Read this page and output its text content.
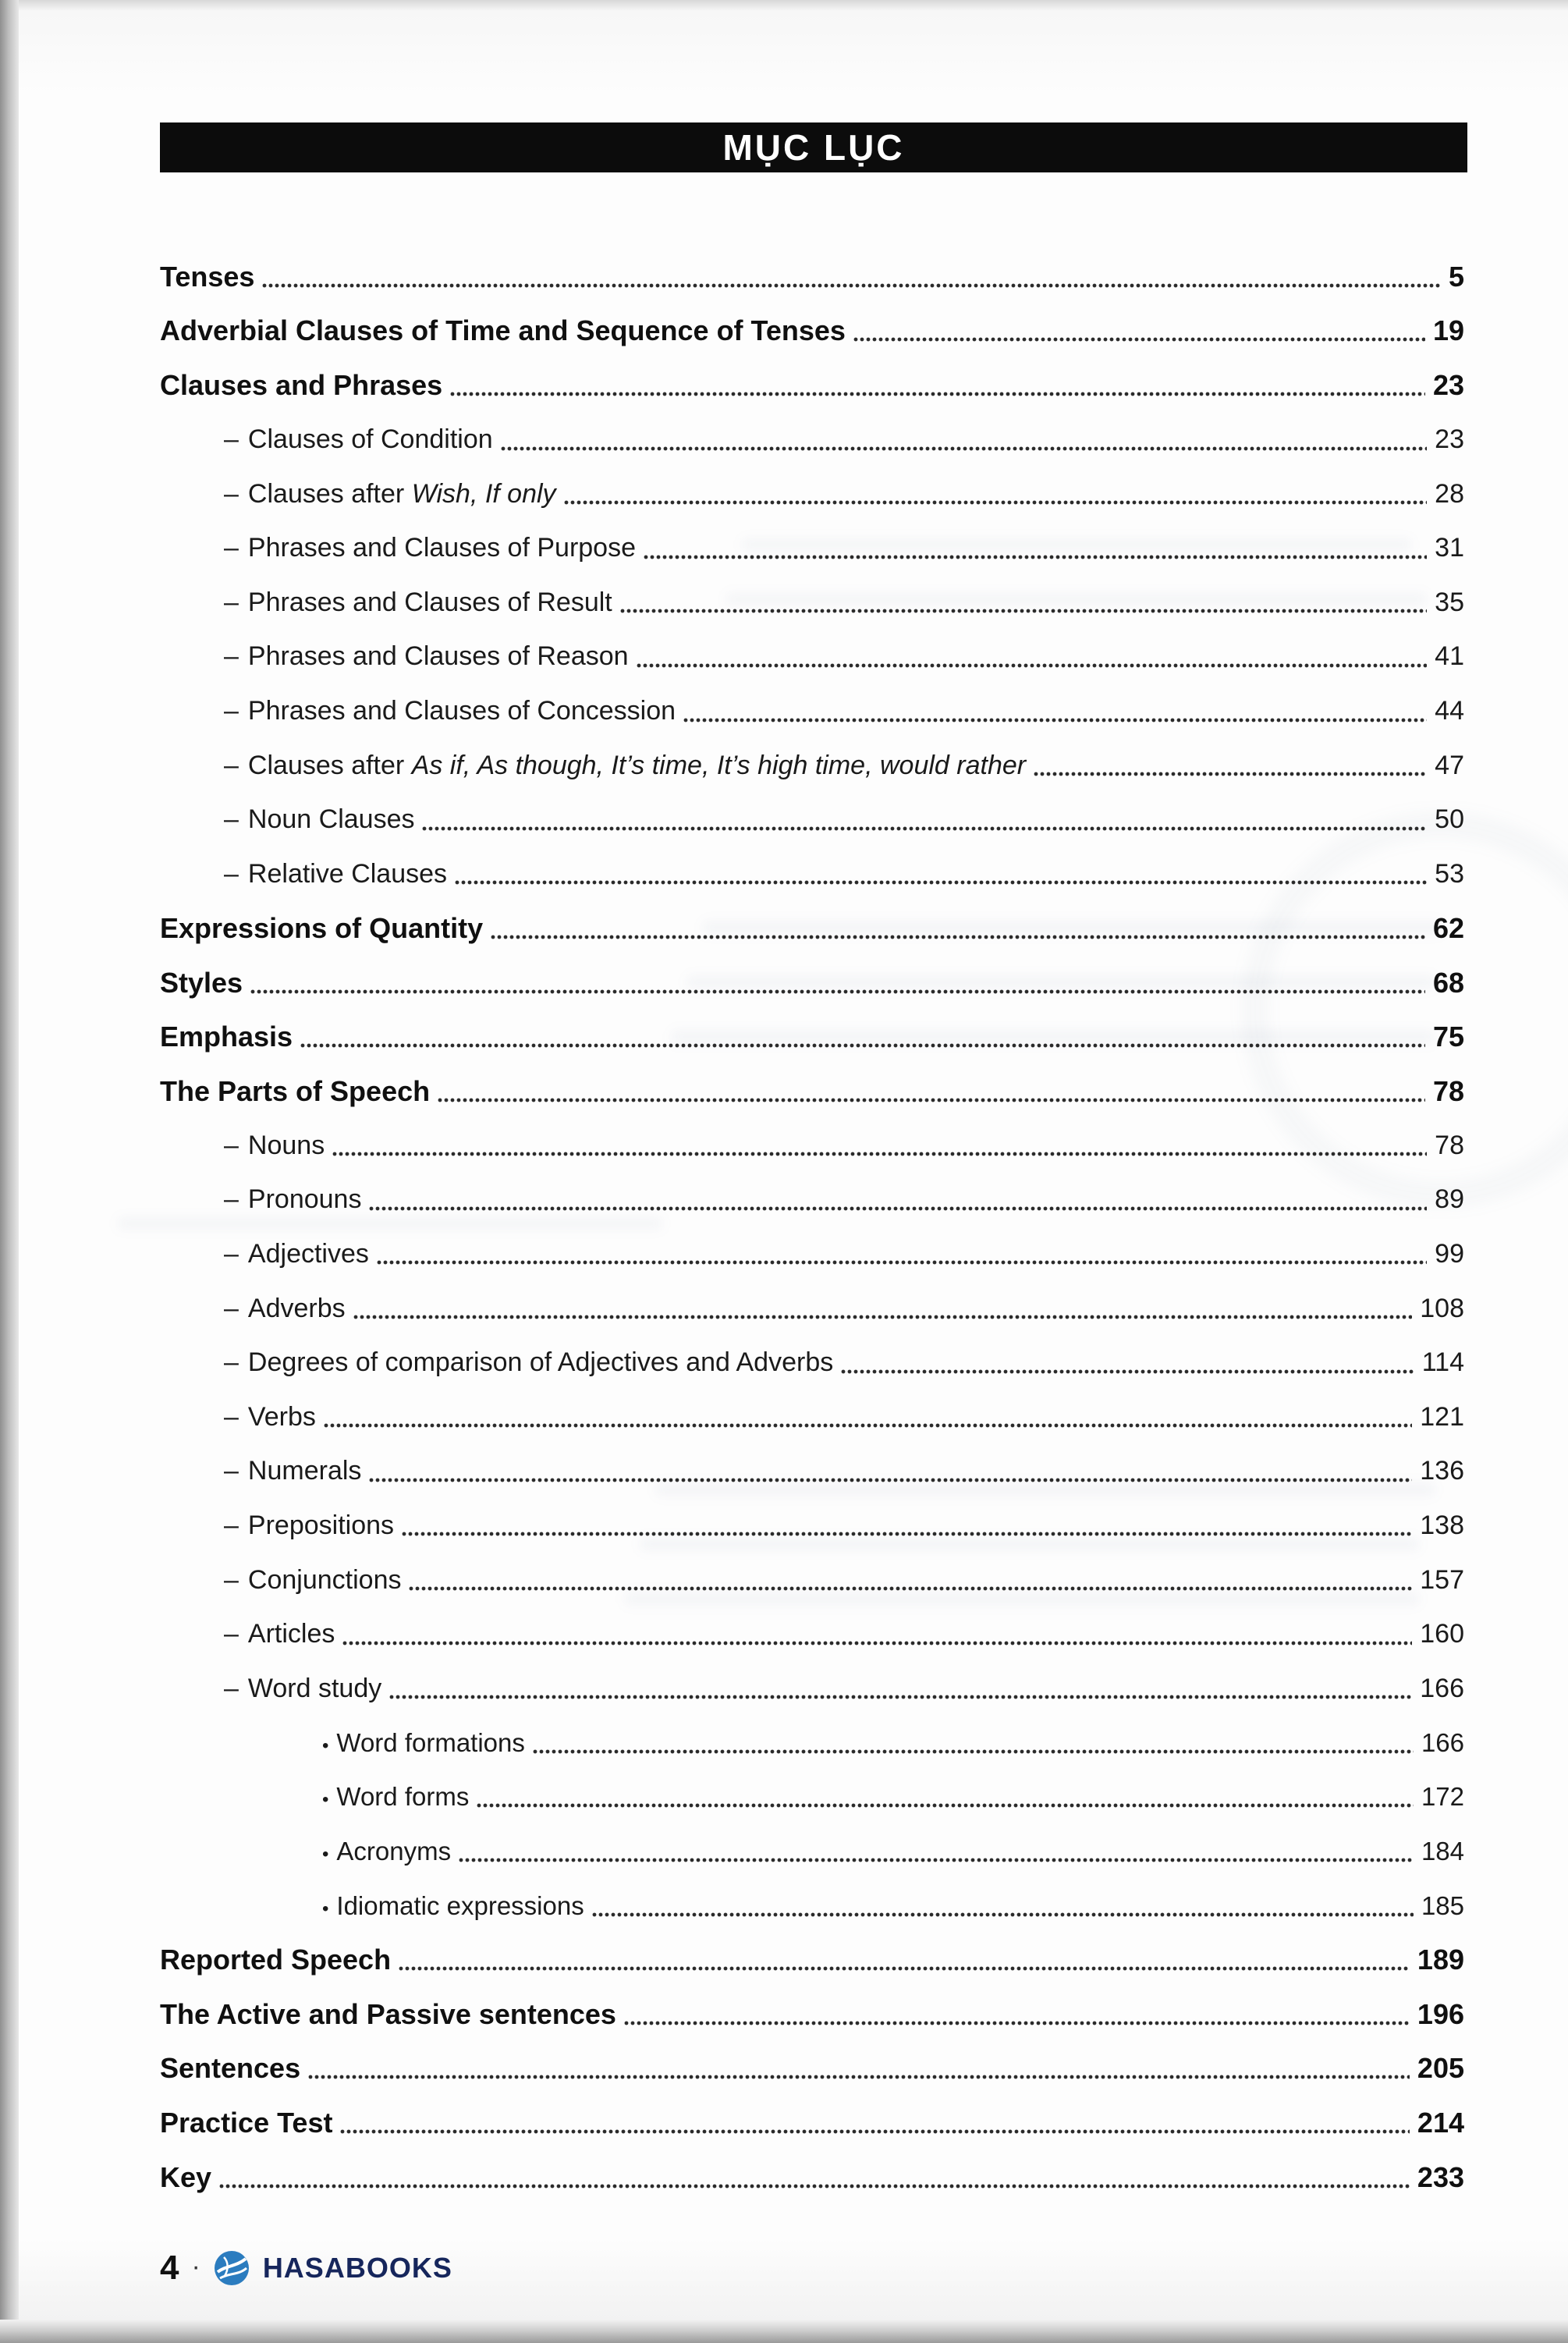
MỤC LỤC
Tenses	5
Adverbial Clauses of Time and Sequence of Tenses	19
Clauses and Phrases	23
– Clauses of Condition	23
– Clauses after Wish, If only	28
– Phrases and Clauses of Purpose	31
– Phrases and Clauses of Result	35
– Phrases and Clauses of Reason	41
– Phrases and Clauses of Concession	44
– Clauses after As if, As though, It’s time, It’s high time, would rather	47
– Noun Clauses	50
– Relative Clauses	53
Expressions of Quantity	62
Styles	68
Emphasis	75
The Parts of Speech	78
– Nouns	78
– Pronouns	89
– Adjectives	99
– Adverbs	108
– Degrees of comparison of Adjectives and Adverbs	114
– Verbs	121
– Numerals	136
– Prepositions	138
– Conjunctions	157
– Articles	160
– Word study	166
• Word formations	166
• Word forms	172
• Acronyms	184
• Idiomatic expressions	185
Reported Speech	189
The Active and Passive sentences	196
Sentences	205
Practice Test	214
Key	233
4 · HASABOOKS
